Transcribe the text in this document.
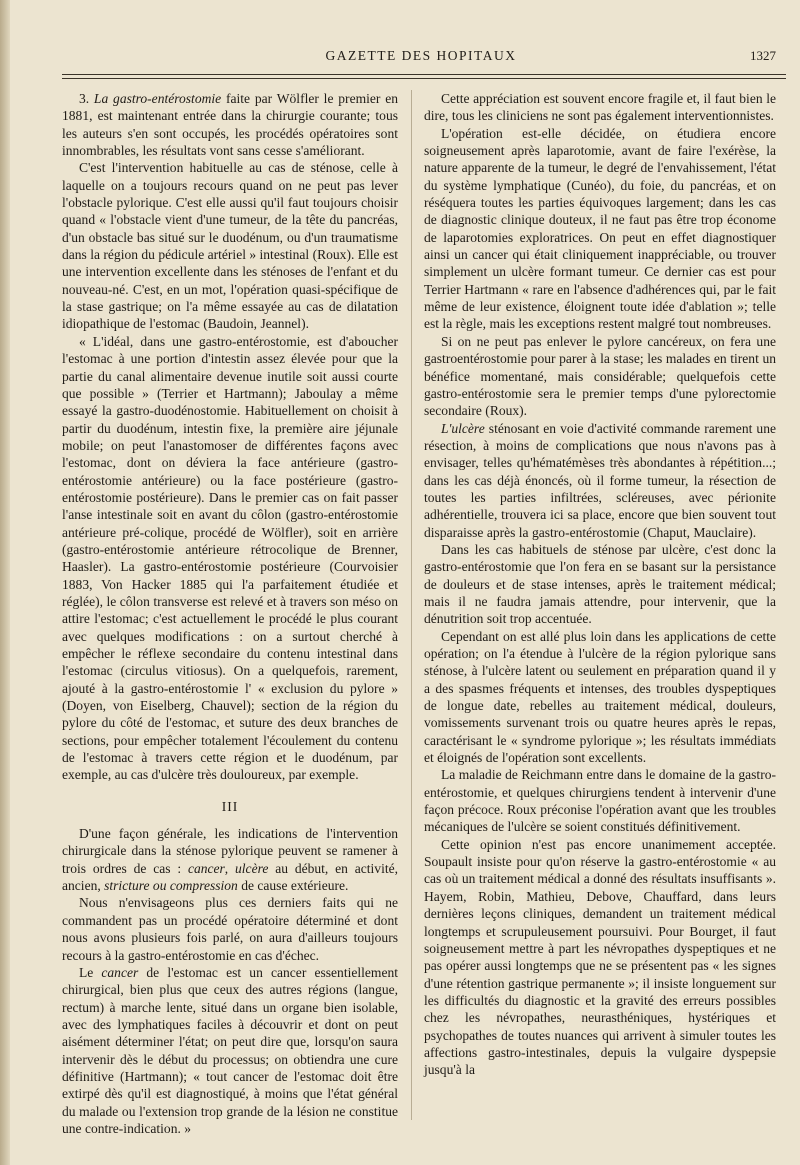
GAZETTE DES HOPITAUX	1327

3. La gastro-entérostomie faite par Wölfler le premier en 1881, est maintenant entrée dans la chirurgie courante; tous les auteurs s'en sont occupés, les procédés opératoires sont innombrables, les résultats vont sans cesse s'améliorant.

C'est l'intervention habituelle au cas de sténose, celle à laquelle on a toujours recours quand on ne peut pas lever l'obstacle pylorique. C'est elle aussi qu'il faut toujours choisir quand « l'obstacle vient d'une tumeur, de la tête du pancréas, d'un obstacle bas situé sur le duodénum, ou d'un traumatisme dans la région du pédicule artériel » intestinal (Roux). Elle est une intervention excellente dans les sténoses de l'enfant et du nouveau-né. C'est, en un mot, l'opération quasi-spécifique de la stase gastrique; on l'a même essayée au cas de dilatation idiopathique de l'estomac (Baudoin, Jeannel).

« L'idéal, dans une gastro-entérostomie, est d'aboucher l'estomac à une portion d'intestin assez élevée pour que la partie du canal alimentaire devenue inutile soit aussi courte que possible » (Terrier et Hartmann); Jaboulay a même essayé la gastro-duodénostomie. Habituellement on choisit à partir du duodénum, intestin fixe, la première aire jéjunale mobile; on peut l'anastomoser de différentes façons avec l'estomac, dont on déviera la face antérieure (gastro-entérostomie antérieure) ou la face postérieure (gastro-entérostomie postérieure). Dans le premier cas on fait passer l'anse intestinale soit en avant du côlon (gastro-entérostomie antérieure pré-colique, procédé de Wölfler), soit en arrière (gastro-entérostomie antérieure rétrocolique de Brenner, Haasler). La gastro-entérostomie postérieure (Courvoisier 1883, Von Hacker 1885 qui l'a parfaitement étudiée et réglée), le côlon transverse est relevé et à travers son méso on attire l'estomac; c'est actuellement le procédé le plus courant avec quelques modifications : on a surtout cherché à empêcher le réflexe secondaire du contenu intestinal dans l'estomac (circulus vitiosus). On a quelquefois, rarement, ajouté à la gastro-entérostomie l' « exclusion du pylore » (Doyen, von Eiselberg, Chauvel); section de la région du pylore du côté de l'estomac, et suture des deux branches de sections, pour empêcher totalement l'écoulement du contenu de l'estomac à travers cette région et le duodénum, par exemple, au cas d'ulcère très douloureux, par exemple.

III

D'une façon générale, les indications de l'intervention chirurgicale dans la sténose pylorique peuvent se ramener à trois ordres de cas : cancer, ulcère au début, en activité, ancien, stricture ou compression de cause extérieure.

Nous n'envisageons plus ces derniers faits qui ne commandent pas un procédé opératoire déterminé et dont nous avons plusieurs fois parlé, on aura d'ailleurs toujours recours à la gastro-entérostomie en cas d'échec.

Le cancer de l'estomac est un cancer essentiellement chirurgical, bien plus que ceux des autres régions (langue, rectum) à marche lente, situé dans un organe bien isolable, avec des lymphatiques faciles à découvrir et dont on peut aisément déterminer l'état; on peut dire que, lorsqu'on saura intervenir dès le début du processus; on obtiendra une cure définitive (Hartmann); « tout cancer de l'estomac doit être extirpé dès qu'il est diagnostiqué, à moins que l'état général du malade ou l'extension trop grande de la lésion ne constitue une contre-indication. »

Cette appréciation est souvent encore fragile et, il faut bien le dire, tous les cliniciens ne sont pas également interventionnistes.

L'opération est-elle décidée, on étudiera encore soigneusement après laparotomie, avant de faire l'exérèse, la nature apparente de la tumeur, le degré de l'envahissement, l'état du système lymphatique (Cunéo), du foie, du pancréas, et on réséquera toutes les parties équivoques largement; dans les cas de diagnostic clinique douteux, il ne faut pas être trop économe de laparotomies exploratrices. On peut en effet diagnostiquer ainsi un cancer qui était cliniquement inappréciable, ou trouver simplement un ulcère formant tumeur. Ce dernier cas est pour Terrier Hartmann « rare en l'absence d'adhérences qui, par le fait même de leur existence, éloignent toute idée d'ablation »; telle est la règle, mais les exceptions restent malgré tout nombreuses.

Si on ne peut pas enlever le pylore cancéreux, on fera une gastroentérostomie pour parer à la stase; les malades en tirent un bénéfice momentané, mais considérable; quelquefois cette gastro-entérostomie sera le premier temps d'une pylorectomie secondaire (Roux).

L'ulcère sténosant en voie d'activité commande rarement une résection, à moins de complications que nous n'avons pas à envisager, telles qu'hématémèses très abondantes à répétition...; dans les cas déjà énoncés, où il forme tumeur, la résection de toutes les parties infiltrées, scléreuses, avec périonite adhérentielle, trouvera ici sa place, encore que bien souvent tout disparaisse après la gastro-entérostomie (Chaput, Mauclaire).

Dans les cas habituels de sténose par ulcère, c'est donc la gastro-entérostomie que l'on fera en se basant sur la persistance de douleurs et de stase intenses, après le traitement médical; mais il ne faudra jamais attendre, pour intervenir, que la dénutrition soit trop accentuée.

Cependant on est allé plus loin dans les applications de cette opération; on l'a étendue à l'ulcère de la région pylorique sans sténose, à l'ulcère latent ou seulement en préparation quand il y a des spasmes fréquents et intenses, des troubles dyspeptiques de longue date, rebelles au traitement médical, douleurs, vomissements survenant trois ou quatre heures après le repas, caractérisant le « syndrome pylorique »; les résultats immédiats et éloignés de l'opération sont excellents.

La maladie de Reichmann entre dans le domaine de la gastro-entérostomie, et quelques chirurgiens tendent à intervenir d'une façon précoce. Roux préconise l'opération avant que les troubles mécaniques de l'ulcère se soient constitués définitivement.

Cette opinion n'est pas encore unanimement acceptée. Soupault insiste pour qu'on réserve la gastro-entérostomie « au cas où un traitement médical a donné des résultats insuffisants ». Hayem, Robin, Mathieu, Debove, Chauffard, dans leurs dernières leçons cliniques, demandent un traitement médical longtemps et scrupuleusement poursuivi. Pour Bourget, il faut soigneusement mettre à part les névropathes dyspeptiques et ne pas opérer aussi longtemps que ne se présentent pas « les signes d'une rétention gastrique permanente »; il insiste longuement sur les difficultés du diagnostic et la gravité des erreurs possibles chez les névropathes, neurasthéniques, hystériques et psychopathes de toutes nuances qui arrivent à simuler toutes les affections gastro-intestinales, depuis la vulgaire dyspepsie jusqu'à la
